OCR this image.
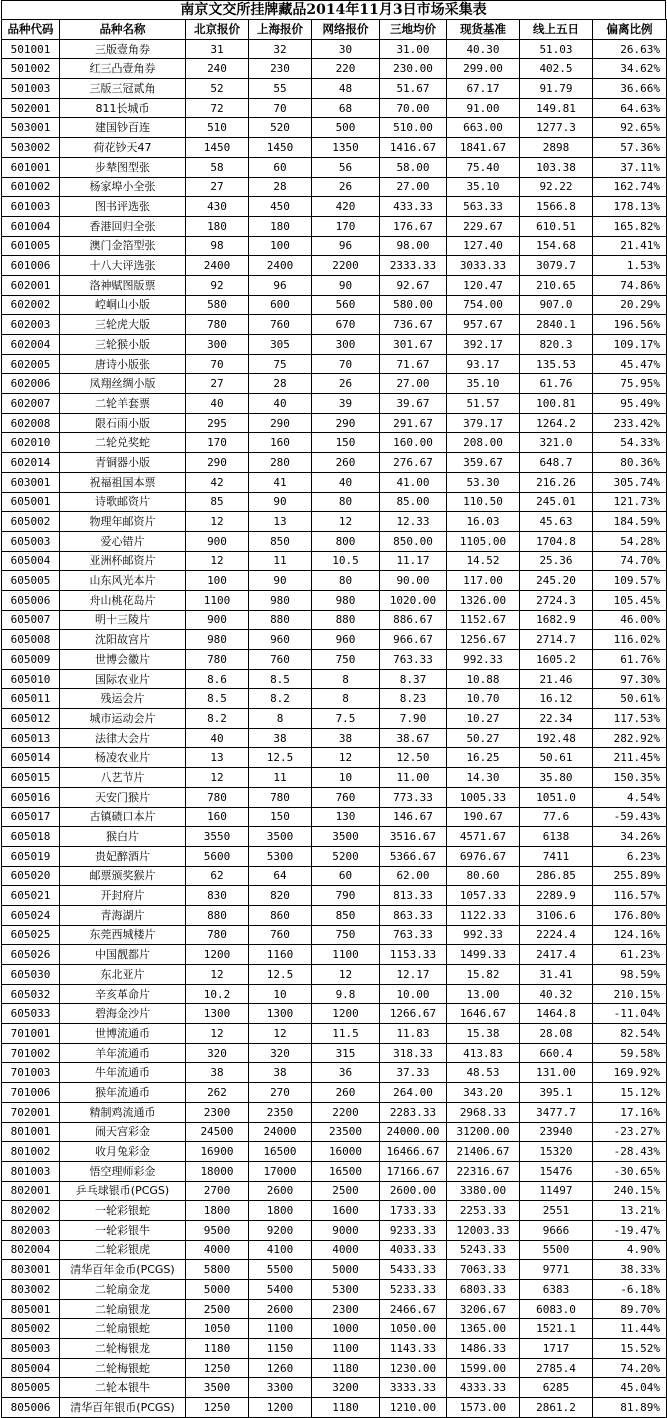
南京文交所挂牌藏品2014年11月3日市场采集表
品种代码	品种名称	北京报价	上海报价	网络报价	三地均价	现货基准	线上五日	偏离比例
501001	三版壹角券	31	32	30	31.00	40.30	51.03	26.63%
501002	红三凸壹角券	240	230	220	230.00	299.00	402.5	34.62%
501003	三版三冠贰角	52	55	48	51.67	67.17	91.79	36.66%
502001	811长城币	72	70	68	70.00	91.00	149.81	64.63%
503001	建国钞百连	510	520	500	510.00	663.00	1277.3	92.65%
503002	荷花钞天47	1450	1450	1350	1416.67	1841.67	2898	57.36%
601001	步辇图型张	58	60	56	58.00	75.40	103.38	37.11%
601002	杨家埠小全张	27	28	26	27.00	35.10	92.22	162.74%
601003	图书评选张	430	450	420	433.33	563.33	1566.8	178.13%
601004	香港回归全张	180	180	170	176.67	229.67	610.51	165.82%
601005	澳门金箔型张	98	100	96	98.00	127.40	154.68	21.41%
601006	十八大评选张	2400	2400	2200	2333.33	3033.33	3079.7	1.53%
602001	洛神赋图版票	92	96	90	92.67	120.47	210.65	74.86%
602002	崆峒山小版	580	600	560	580.00	754.00	907.0	20.29%
602003	三轮虎大版	780	760	670	736.67	957.67	2840.1	196.56%
602004	三轮猴小版	300	305	300	301.67	392.17	820.3	109.17%
602005	唐诗小版张	70	75	70	71.67	93.17	135.53	45.47%
602006	凤翔丝绸小版	27	28	26	27.00	35.10	61.76	75.95%
602007	二轮羊套票	40	40	39	39.67	51.57	100.81	95.49%
602008	限石雨小版	295	290	290	291.67	379.17	1264.2	233.42%
602010	二轮兑奖蛇	170	160	150	160.00	208.00	321.0	54.33%
602014	青铜器小版	290	280	260	276.67	359.67	648.7	80.36%
603001	祝福祖国本票	42	41	40	41.00	53.30	216.26	305.74%
605001	诗歌邮资片	85	90	80	85.00	110.50	245.01	121.73%
605002	物理年邮资片	12	13	12	12.33	16.03	45.63	184.59%
605003	爱心错片	900	850	800	850.00	1105.00	1704.8	54.28%
605004	亚洲杯邮资片	12	11	10.5	11.17	14.52	25.36	74.70%
605005	山东风光本片	100	90	80	90.00	117.00	245.20	109.57%
605006	舟山桃花岛片	1100	980	980	1020.00	1326.00	2724.3	105.45%
605007	明十三陵片	900	880	880	886.67	1152.67	1682.9	46.00%
605008	沈阳故宫片	980	960	960	966.67	1256.67	2714.7	116.02%
605009	世博会徽片	780	760	750	763.33	992.33	1605.2	61.76%
605010	国际农业片	8.6	8.5	8	8.37	10.88	21.46	97.30%
605011	残运会片	8.5	8.2	8	8.23	10.70	16.12	50.61%
605012	城市运动会片	8.2	8	7.5	7.90	10.27	22.34	117.53%
605013	法律大会片	40	38	38	38.67	50.27	192.48	282.92%
605014	杨凌农业片	13	12.5	12	12.50	16.25	50.61	211.45%
605015	八艺节片	12	11	10	11.00	14.30	35.80	150.35%
605016	天安门猴片	780	780	760	773.33	1005.33	1051.0	4.54%
605017	古镇碛口本片	160	150	130	146.67	190.67	77.6	-59.43%
605018	猴白片	3550	3500	3500	3516.67	4571.67	6138	34.26%
605019	贵妃醉酒片	5600	5300	5200	5366.67	6976.67	7411	6.23%
605020	邮票颁奖猴片	62	64	60	62.00	80.60	286.85	255.89%
605021	开封府片	830	820	790	813.33	1057.33	2289.9	116.57%
605024	青海湖片	880	860	850	863.33	1122.33	3106.6	176.80%
605025	东莞西城楼片	780	760	750	763.33	992.33	2224.4	124.16%
605026	中国靓都片	1200	1160	1100	1153.33	1499.33	2417.4	61.23%
605030	东北亚片	12	12.5	12	12.17	15.82	31.41	98.59%
605032	辛亥革命片	10.2	10	9.8	10.00	13.00	40.32	210.15%
605033	碧海金沙片	1300	1300	1200	1266.67	1646.67	1464.8	-11.04%
701001	世博流通币	12	12	11.5	11.83	15.38	28.08	82.54%
701002	羊年流通币	320	320	315	318.33	413.83	660.4	59.58%
701003	牛年流通币	38	38	36	37.33	48.53	131.00	169.92%
701006	猴年流通币	262	270	260	264.00	343.20	395.1	15.12%
702001	精制鸡流通币	2300	2350	2200	2283.33	2968.33	3477.7	17.16%
801001	闹天宫彩金	24500	24000	23500	24000.00	31200.00	23940	-23.27%
801002	收月兔彩金	16900	16500	16000	16466.67	21406.67	15320	-28.43%
801003	悟空理师彩金	18000	17000	16500	17166.67	22316.67	15476	-30.65%
802001	乒乓球银币(PCGS)	2700	2600	2500	2600.00	3380.00	11497	240.15%
802002	一轮彩银蛇	1800	1800	1600	1733.33	2253.33	2551	13.21%
802003	一轮彩银牛	9500	9200	9000	9233.33	12003.33	9666	-19.47%
802004	二轮彩银虎	4000	4100	4000	4033.33	5243.33	5500	4.90%
803001	清华百年金币(PCGS)	5800	5500	5000	5433.33	7063.33	9771	38.33%
803002	二轮扇金龙	5000	5400	5300	5233.33	6803.33	6383	-6.18%
805001	二轮扇银龙	2500	2600	2300	2466.67	3206.67	6083.0	89.70%
805002	二轮扇银蛇	1050	1100	1000	1050.00	1365.00	1521.1	11.44%
805003	二轮梅银龙	1180	1150	1100	1143.33	1486.33	1717	15.52%
805004	二轮梅银蛇	1250	1260	1180	1230.00	1599.00	2785.4	74.20%
805005	二轮本银牛	3500	3300	3200	3333.33	4333.33	6285	45.04%
805006	清华百年银币(PCGS)	1250	1200	1180	1210.00	1573.00	2861.2	81.89%
